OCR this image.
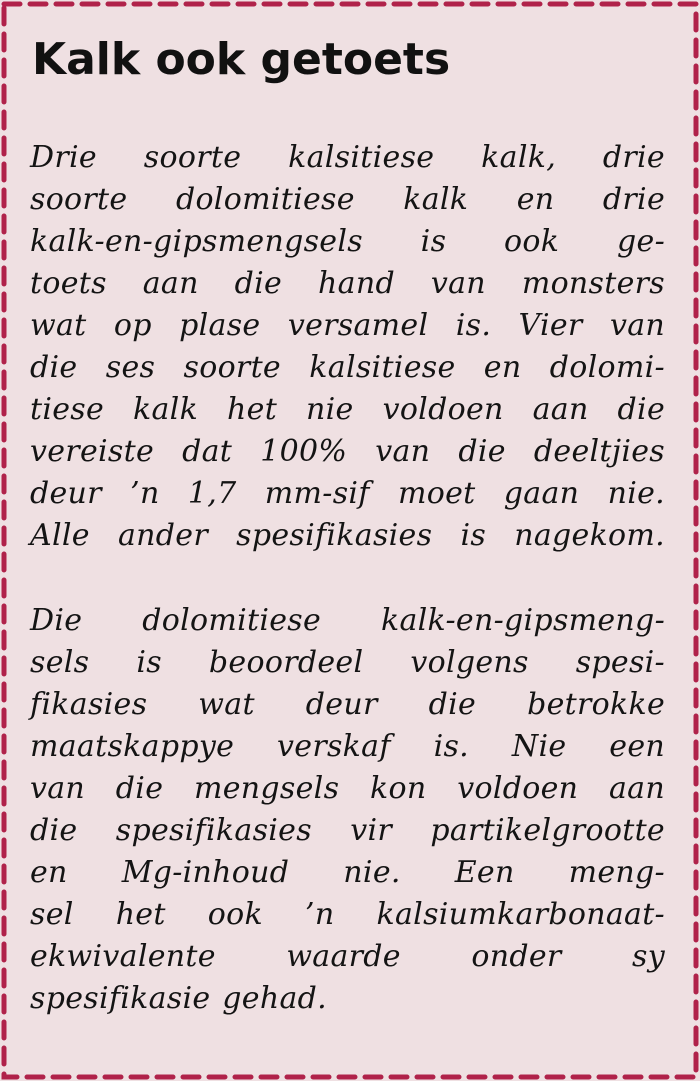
Kalk ook getoets
Drie soorte kalsitiese kalk, drie
soorte dolomitiese kalk en drie
kalk-en-gipsmengsels is ook ge-
toets aan die hand van monsters
wat op plase versamel is. Vier van
die ses soorte kalsitiese en dolomi-
tiese kalk het nie voldoen aan die
vereiste dat 100% van die deeltjies
deur ’n 1,7 mm-sif moet gaan nie.
Alle ander spesifikasies is nagekom.
Die dolomitiese kalk-en-gipsmeng-
sels is beoordeel volgens spesi-
fikasies wat deur die betrokke
maatskappye verskaf is. Nie een
van die mengsels kon voldoen aan
die spesifikasies vir partikelgrootte
en Mg-inhoud nie. Een meng-
sel het ook ’n kalsiumkarbonaat-
ekwivalente waarde onder sy
spesifikasie gehad.
